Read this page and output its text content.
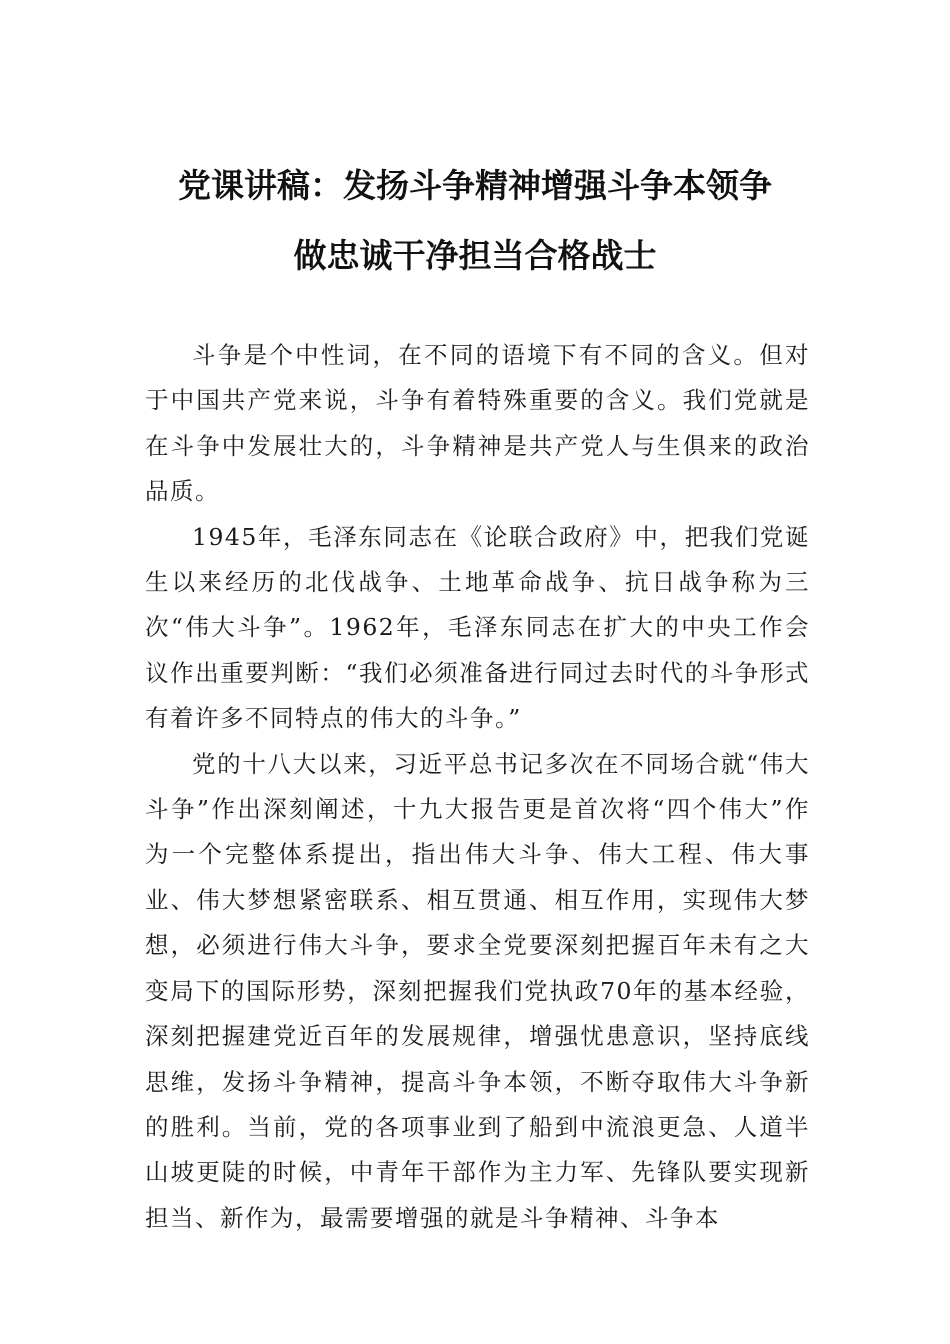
党课讲稿：发扬斗争精神增强斗争本领争
做忠诚干净担当合格战士

斗争是个中性词，在不同的语境下有不同的含义。但对于中国共产党来说，斗争有着特殊重要的含义。我们党就是在斗争中发展壮大的，斗争精神是共产党人与生俱来的政治品质。

1945年，毛泽东同志在《论联合政府》中，把我们党诞生以来经历的北伐战争、土地革命战争、抗日战争称为三次“伟大斗争”。1962年，毛泽东同志在扩大的中央工作会议作出重要判断：“我们必须准备进行同过去时代的斗争形式有着许多不同特点的伟大的斗争。”

党的十八大以来，习近平总书记多次在不同场合就“伟大斗争”作出深刻阐述，十九大报告更是首次将“四个伟大”作为一个完整体系提出，指出伟大斗争、伟大工程、伟大事业、伟大梦想紧密联系、相互贯通、相互作用，实现伟大梦想，必须进行伟大斗争，要求全党要深刻把握百年未有之大变局下的国际形势，深刻把握我们党执政70年的基本经验，深刻把握建党近百年的发展规律，增强忧患意识，坚持底线思维，发扬斗争精神，提高斗争本领，不断夺取伟大斗争新的胜利。当前，党的各项事业到了船到中流浪更急、人道半山坡更陡的时候，中青年干部作为主力军、先锋队要实现新担当、新作为，最需要增强的就是斗争精神、斗争本
